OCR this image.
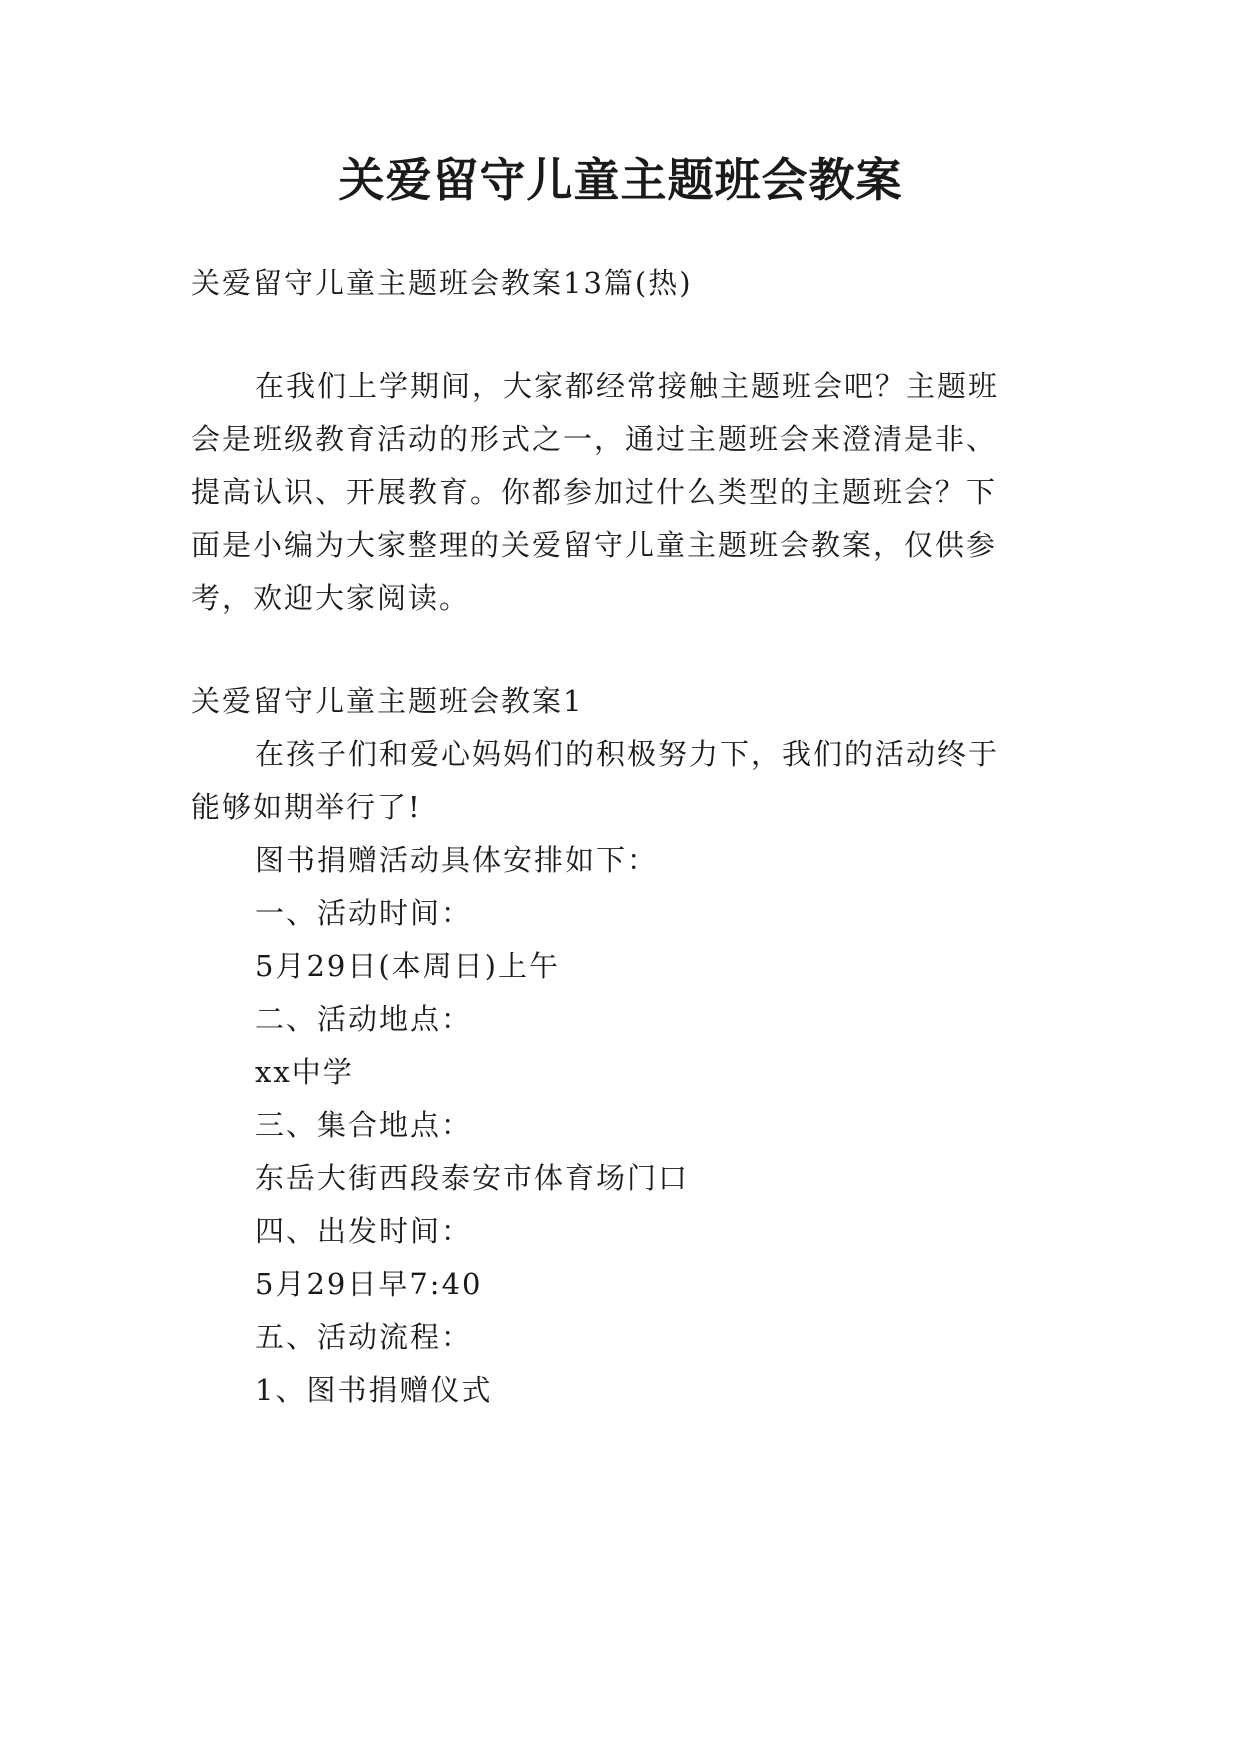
关爱留守儿童主题班会教案
关爱留守儿童主题班会教案13篇(热)
在我们上学期间，大家都经常接触主题班会吧？主题班
会是班级教育活动的形式之一，通过主题班会来澄清是非、
提高认识、开展教育。你都参加过什么类型的主题班会？下
面是小编为大家整理的关爱留守儿童主题班会教案，仅供参
考，欢迎大家阅读。
关爱留守儿童主题班会教案1
在孩子们和爱心妈妈们的积极努力下，我们的活动终于
能够如期举行了!
图书捐赠活动具体安排如下：
一、活动时间：
5月29日(本周日)上午
二、活动地点：
xx中学
三、集合地点：
东岳大街西段泰安市体育场门口
四、出发时间：
5月29日早7:40
五、活动流程：
1、图书捐赠仪式
